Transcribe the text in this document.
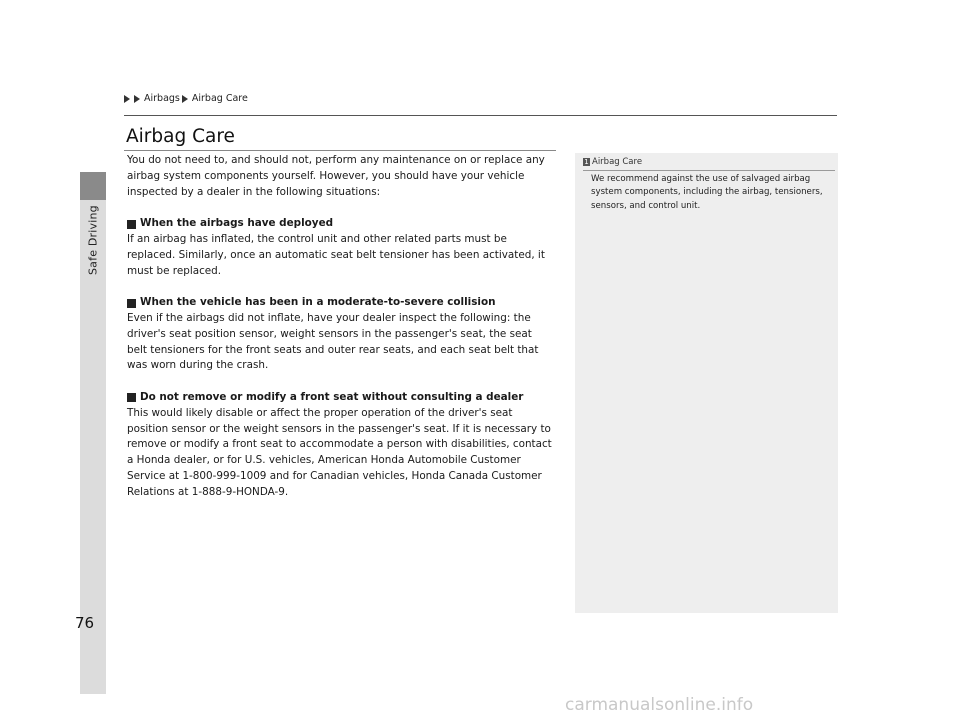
Safe Driving
Airbags Airbag Care
Airbag Care

You do not need to, and should not, perform any maintenance on or replace any airbag system components yourself. However, you should have your vehicle inspected by a dealer in the following situations:

When the airbags have deployed

If an airbag has inflated, the control unit and other related parts must be replaced. Similarly, once an automatic seat belt tensioner has been activated, it must be replaced.

When the vehicle has been in a moderate-to-severe collision

Even if the airbags did not inflate, have your dealer inspect the following: the driver's seat position sensor, weight sensors in the passenger's seat, the seat belt tensioners for the front seats and outer rear seats, and each seat belt that was worn during the crash.

Do not remove or modify a front seat without consulting a dealer

This would likely disable or affect the proper operation of the driver's seat position sensor or the weight sensors in the passenger's seat. If it is necessary to remove or modify a front seat to accommodate a person with disabilities, contact a Honda dealer, or for U.S. vehicles, American Honda Automobile Customer Service at 1-800-999-1009 and for Canadian vehicles, Honda Canada Customer Relations at 1-888-9-HONDA-9.

1 Airbag Care
We recommend against the use of salvaged airbag system components, including the airbag, tensioners, sensors, and control unit.
76
carmanualsonline.info
